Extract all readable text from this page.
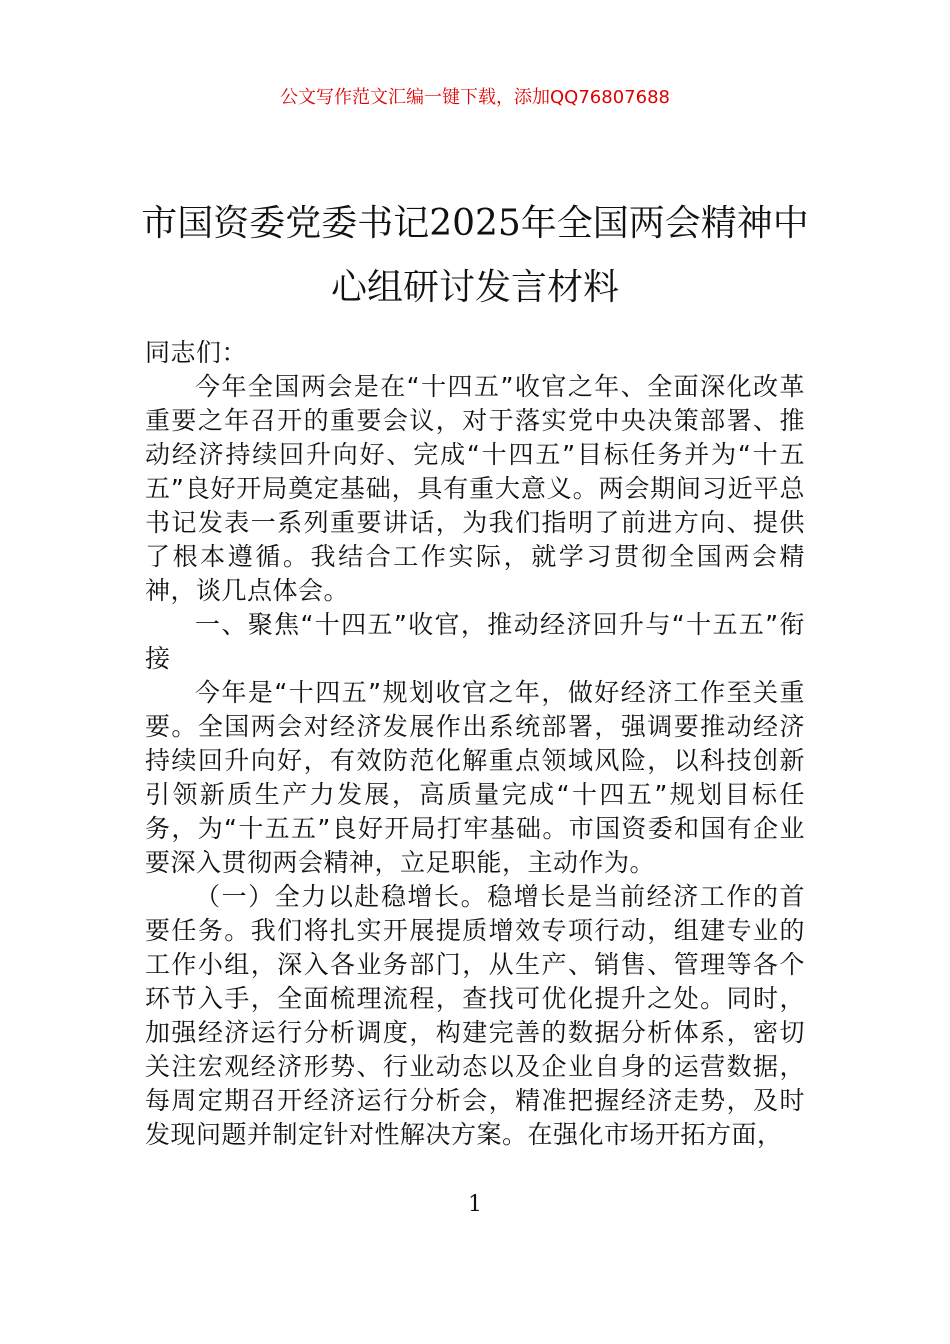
公文写作范文汇编一键下载，添加QQ76807688
市国资委党委书记2025年全国两会精神中
心组研讨发言材料

同志们：

今年全国两会是在“十四五”收官之年、全面深化改革重要之年召开的重要会议，对于落实党中央决策部署、推动经济持续回升向好、完成“十四五”目标任务并为“十五五”良好开局奠定基础，具有重大意义。两会期间习近平总书记发表一系列重要讲话，为我们指明了前进方向、提供了根本遵循。我结合工作实际，就学习贯彻全国两会精神，谈几点体会。

一、聚焦“十四五”收官，推动经济回升与“十五五”衔接

今年是“十四五”规划收官之年，做好经济工作至关重要。全国两会对经济发展作出系统部署，强调要推动经济持续回升向好，有效防范化解重点领域风险，以科技创新引领新质生产力发展，高质量完成“十四五”规划目标任务，为“十五五”良好开局打牢基础。市国资委和国有企业要深入贯彻两会精神，立足职能，主动作为。

（一）全力以赴稳增长。稳增长是当前经济工作的首要任务。我们将扎实开展提质增效专项行动，组建专业的工作小组，深入各业务部门，从生产、销售、管理等各个环节入手，全面梳理流程，查找可优化提升之处。同时，加强经济运行分析调度，构建完善的数据分析体系，密切关注宏观经济形势、行业动态以及企业自身的运营数据，每周定期召开经济运行分析会，精准把握经济走势，及时发现问题并制定针对性解决方案。在强化市场开拓方面，

1
